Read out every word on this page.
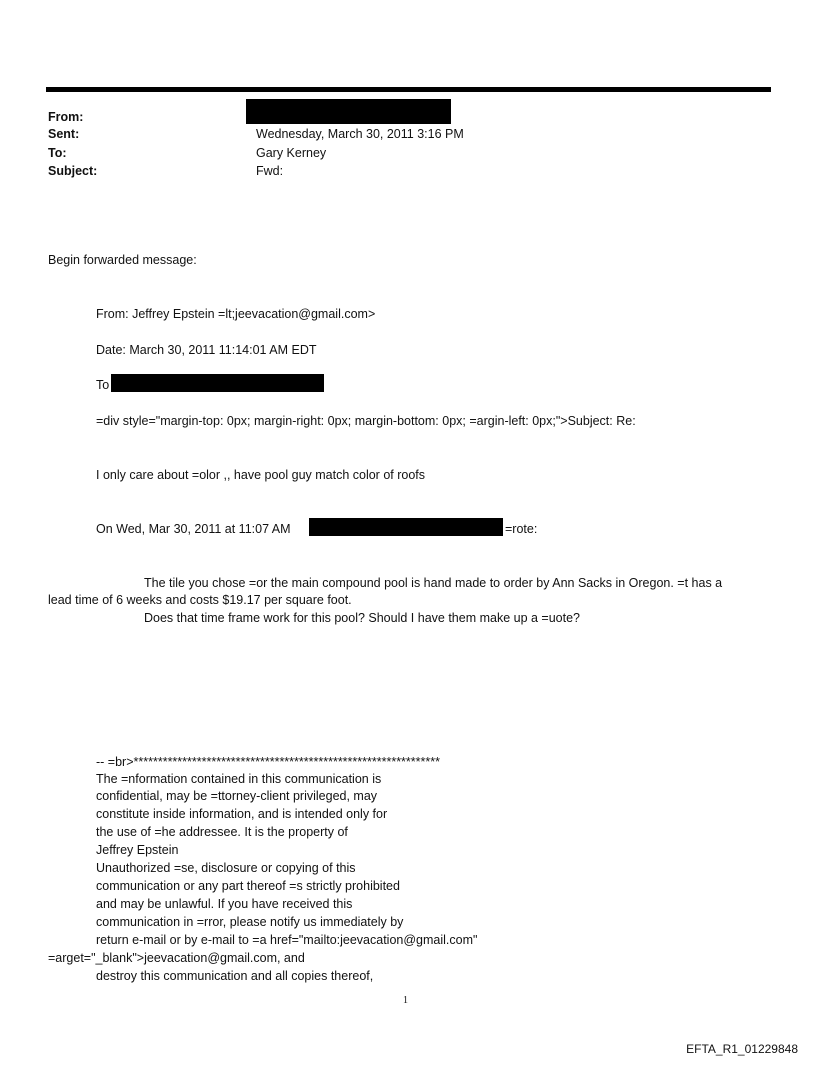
From:
Sent:	Wednesday, March 30, 2011 3:16 PM
To:	Gary Kerney
Subject:	Fwd:
Begin forwarded message:
From: Jeffrey Epstein =lt;jeevacation@gmail.com>
Date: March 30, 2011 11:14:01 AM EDT
To
=div style="margin-top: 0px; margin-right: 0px; margin-bottom: 0px; =argin-left: 0px;">Subject: Re:
I only care about =olor ,, have pool guy match color of roofs
On Wed, Mar 30, 2011 at 11:07 AM	=rote:
The tile you chose =or the main compound pool is hand made to order by Ann Sacks in Oregon. =t has a
lead time of 6 weeks and costs $19.17 per square foot.
Does that time frame work for this pool? Should I have them make up a =uote?
-- =br>***************************************************************
The =nformation contained in this communication is
confidential, may be =ttorney-client privileged, may
constitute inside information, and is intended only for
the use of =he addressee. It is the property of
Jeffrey Epstein
Unauthorized =se, disclosure or copying of this
communication or any part thereof =s strictly prohibited
and may be unlawful. If you have received this
communication in =rror, please notify us immediately by
return e-mail or by e-mail to =a href="mailto:jeevacation@gmail.com"
=arget="_blank">jeevacation@gmail.com, and
destroy this communication and all copies thereof,
1
EFTA_R1_01229848
